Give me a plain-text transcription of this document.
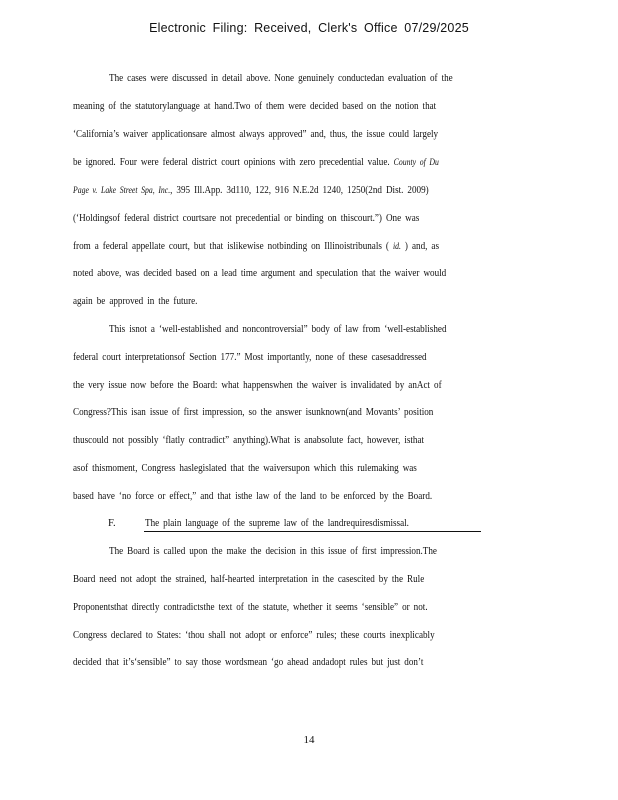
Electronic Filing: Received, Clerk's Office 07/29/2025
The cases were discussed in detail above. None genuinely conductedan evaluation of the
meaning of the statutorylanguage at hand.Two of them were decided based on the notion that
‘California’s waiver applicationsare almost always approved” and, thus, the issue could largely
be ignored. Four were federal district court opinions with zero precedential value. County of Du
Page v. Lake Street Spa, Inc., 395 Ill.App. 3d110, 122, 916 N.E.2d 1240, 1250(2nd Dist. 2009)
(‘Holdingsof federal district courtsare not precedential or binding on thiscourt.”) One was
from a federal appellate court, but that islikewise notbinding on Illinoistribunals ( id. ) and, as
noted above, was decided based on a lead time argument and speculation that the waiver would
again be approved in the future.
This isnot a ‘well-established and noncontroversial” body of law from ‘well-established
federal court interpretationsof Section 177.” Most importantly, none of these casesaddressed
the very issue now before the Board: what happenswhen the waiver is invalidated by anAct of
Congress?This isan issue of first impression, so the answer isunknown(and Movants’ position
thuscould not possibly ‘flatly contradict” anything).What is anabsolute fact, however, isthat
asof thismoment, Congress haslegislated that the waiversupon which this rulemaking was
based have ‘no force or effect,” and that isthe law of the land to be enforced by the Board.
F.	The plain language of the supreme law of the landrequiresdismissal.
The Board is called upon the make the decision in this issue of first impression.The
Board need not adopt the strained, half-hearted interpretation in the casescited by the Rule
Proponentsthat directly contradictsthe text of the statute, whether it seems ‘sensible” or not.
Congress declared to States: ‘thou shall not adopt or enforce” rules; these courts inexplicably
decided that it’s‘sensible” to say those wordsmean ‘go ahead andadopt rules but just don’t
14
